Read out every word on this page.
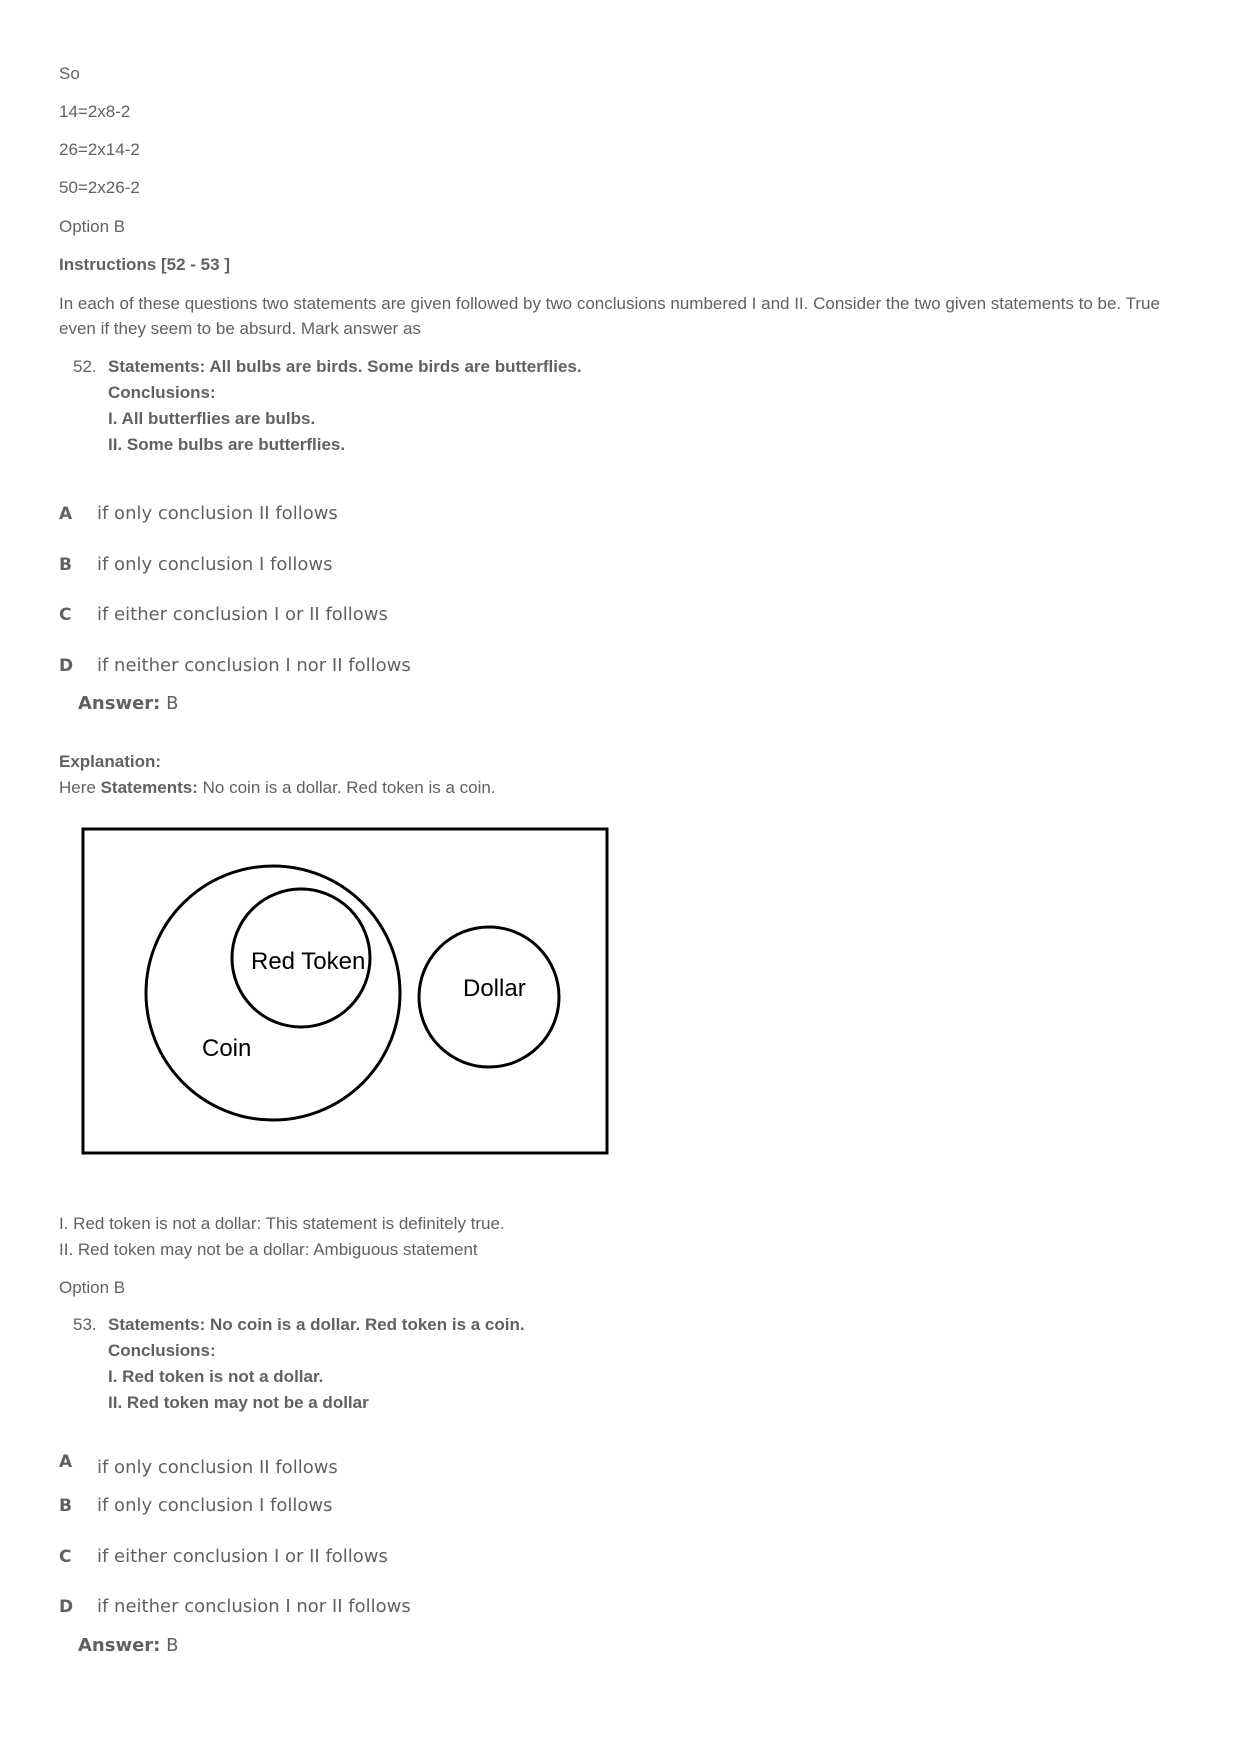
So
14=2x8-2
26=2x14-2
50=2x26-2
Option B
Instructions [52 - 53 ]
In each of these questions two statements are given followed by two conclusions numbered I and II. Consider the two given statements to be. True even if they seem to be absurd. Mark answer as
52. Statements: All bulbs are birds. Some birds are butterflies.
Conclusions:
I. All butterflies are bulbs.
II. Some bulbs are butterflies.
A if only conclusion II follows
B if only conclusion I follows
C if either conclusion I or II follows
D if neither conclusion I nor II follows
Answer: B
Explanation:
Here Statements: No coin is a dollar. Red token is a coin.
Red Token
Dollar
Coin
I. Red token is not a dollar: This statement is definitely true.
II. Red token may not be a dollar: Ambiguous statement
Option B
53. Statements: No coin is a dollar. Red token is a coin.
Conclusions:
I. Red token is not a dollar.
II. Red token may not be a dollar
A if only conclusion II follows
B if only conclusion I follows
C if either conclusion I or II follows
D if neither conclusion I nor II follows
Answer: B
